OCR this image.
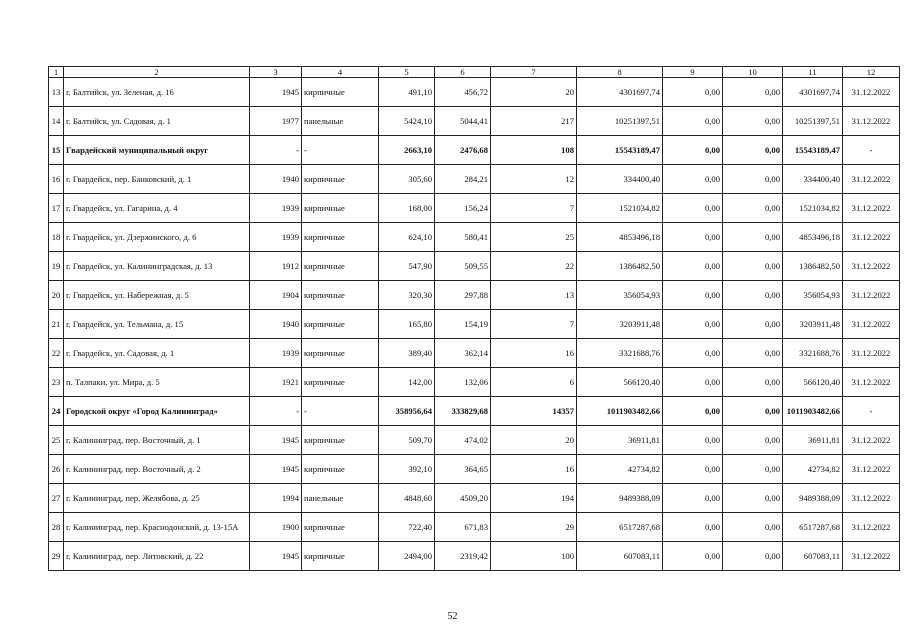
1	2	3	4	5	6	7	8	9	10	11	12
13	г. Балтийск, ул. Зеленая, д. 16	1945	кирпичные	491,10	456,72	20	4301697,74	0,00	0,00	4301697,74	31.12.2022
14	г. Балтийск, ул. Садовая, д. 1	1977	панельные	5424,10	5044,41	217	10251397,51	0,00	0,00	10251397,51	31.12.2022
15	Гвардейский муниципальный округ	-	-	2663,10	2476,68	108	15543189,47	0,00	0,00	15543189,47	-
16	г. Гвардейск, пер. Банковский, д. 1	1940	кирпичные	305,60	284,21	12	334400,40	0,00	0,00	334400,40	31.12.2022
17	г. Гвардейск, ул. Гагарина, д. 4	1939	кирпичные	168,00	156,24	7	1521034,82	0,00	0,00	1521034,82	31.12.2022
18	г. Гвардейск, ул. Дзержинского, д. 6	1939	кирпичные	624,10	580,41	25	4853496,18	0,00	0,00	4853496,18	31.12.2022
19	г. Гвардейск, ул. Калининградская, д. 13	1912	кирпичные	547,90	509,55	22	1386482,50	0,00	0,00	1386482,50	31.12.2022
20	г. Гвардейск, ул. Набережная, д. 5	1904	кирпичные	320,30	297,88	13	356054,93	0,00	0,00	356054,93	31.12.2022
21	г. Гвардейск, ул. Тельмана, д. 15	1940	кирпичные	165,80	154,19	7	3203911,48	0,00	0,00	3203911,48	31.12.2022
22	г. Гвардейск, ул. Садовая, д. 1	1939	кирпичные	389,40	362,14	16	3321688,76	0,00	0,00	3321688,76	31.12.2022
23	п. Талпаки, ул. Мира, д. 5	1921	кирпичные	142,00	132,06	6	566120,40	0,00	0,00	566120,40	31.12.2022
24	Городской округ «Город Калининград»	-	-	358956,64	333829,68	14357	1011903482,66	0,00	0,00	1011903482,66	-
25	г. Калининград, пер. Восточный, д. 1	1945	кирпичные	509,70	474,02	20	36911,81	0,00	0,00	36911,81	31.12.2022
26	г. Калининград, пер. Восточный, д. 2	1945	кирпичные	392,10	364,65	16	42734,82	0,00	0,00	42734,82	31.12.2022
27	г. Калининград, пер. Желябова, д. 25	1994	панельные	4848,60	4509,20	194	9489388,09	0,00	0,00	9489388,09	31.12.2022
28	г. Калининград, пер. Краснодонский, д. 13-15А	1900	кирпичные	722,40	671,83	29	6517287,68	0,00	0,00	6517287,68	31.12.2022
29	г. Калининград, пер. Литовский, д. 22	1945	кирпичные	2494,00	2319,42	100	607083,11	0,00	0,00	607083,11	31.12.2022
52
